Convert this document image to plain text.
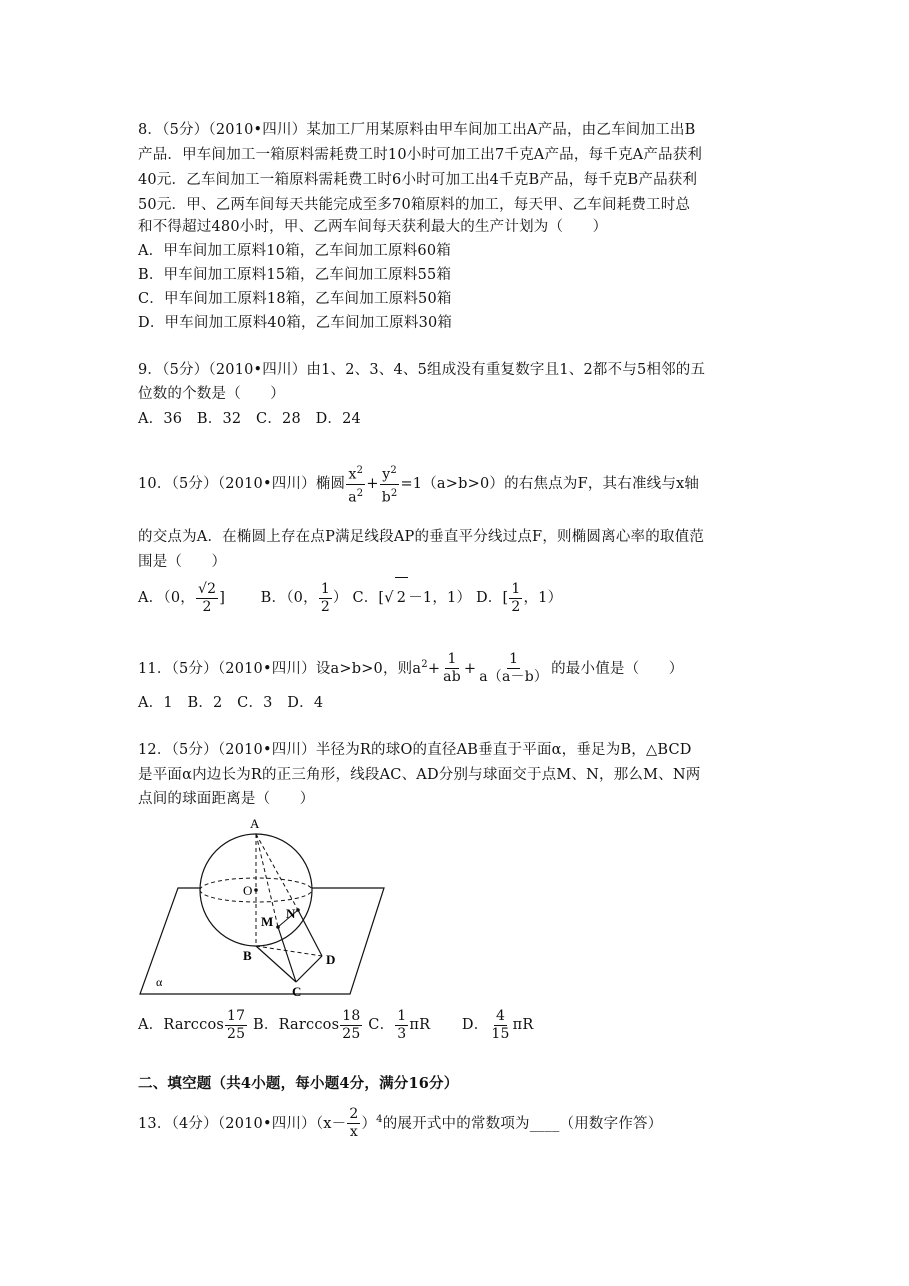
8．（5分）（2010•四川）某加工厂用某原料由甲车间加工出A产品，由乙车间加工出B
产品．甲车间加工一箱原料需耗费工时10小时可加工出7千克A产品，每千克A产品获利
40元．乙车间加工一箱原料需耗费工时6小时可加工出4千克B产品，每千克B产品获利
50元．甲、乙两车间每天共能完成至多70箱原料的加工，每天甲、乙车间耗费工时总
和不得超过480小时，甲、乙两车间每天获利最大的生产计划为（　　）
A．甲车间加工原料10箱，乙车间加工原料60箱
B．甲车间加工原料15箱，乙车间加工原料55箱
C．甲车间加工原料18箱，乙车间加工原料50箱
D．甲车间加工原料40箱，乙车间加工原料30箱
9．（5分）（2010•四川）由1、2、3、4、5组成没有重复数字且1、2都不与5相邻的五
位数的个数是（　　）
A．36　B．32　C．28　D．24
10．（5分）（2010•四川）椭圆 $\frac{x^2}{a^2} + \frac{y^2}{b^2} =1(a>b>0)$的右焦点为F，其右准线与x轴
的交点为A．在椭圆上存在点P满足线段AP的垂直平分线过点F，则椭圆离心率的取值范
围是（　　）
A．（0， $\frac{√2}{2}$ ] B．（0， $\frac{1}{2}$ ） C．[√ 2 －1，1） D．[ $\frac{1}{2}$ ，1）
11．（5分）（2010•四川）设a>b>0，则$a^2+ \frac{1}{ab} + \frac{1}{a(a-b)}$ 的最小值是（　　）
A．1　B．2　C．3　D．4
12．（5分）（2010•四川）半径为R的球O的直径AB垂直于平面α，垂足为B，△BCD
是平面α内边长为R的正三角形，线段AC、AD分别与球面交于点M、N，那么M、N两
点间的球面距离是（　　）
A
O
M
N
B
C
D
α
A．Rarccos $\frac{17}{25}$ B．Rarccos $\frac{18}{25}$ C． $\frac{1}{3}$ πR D． $\frac{4}{15}$ πR
二、填空题（共4小题，每小题4分，满分16分）
13．（4分）（2010•四川）$(x- \frac{2}{x} )^4$的展开式中的常数项为____（用数字作答）
